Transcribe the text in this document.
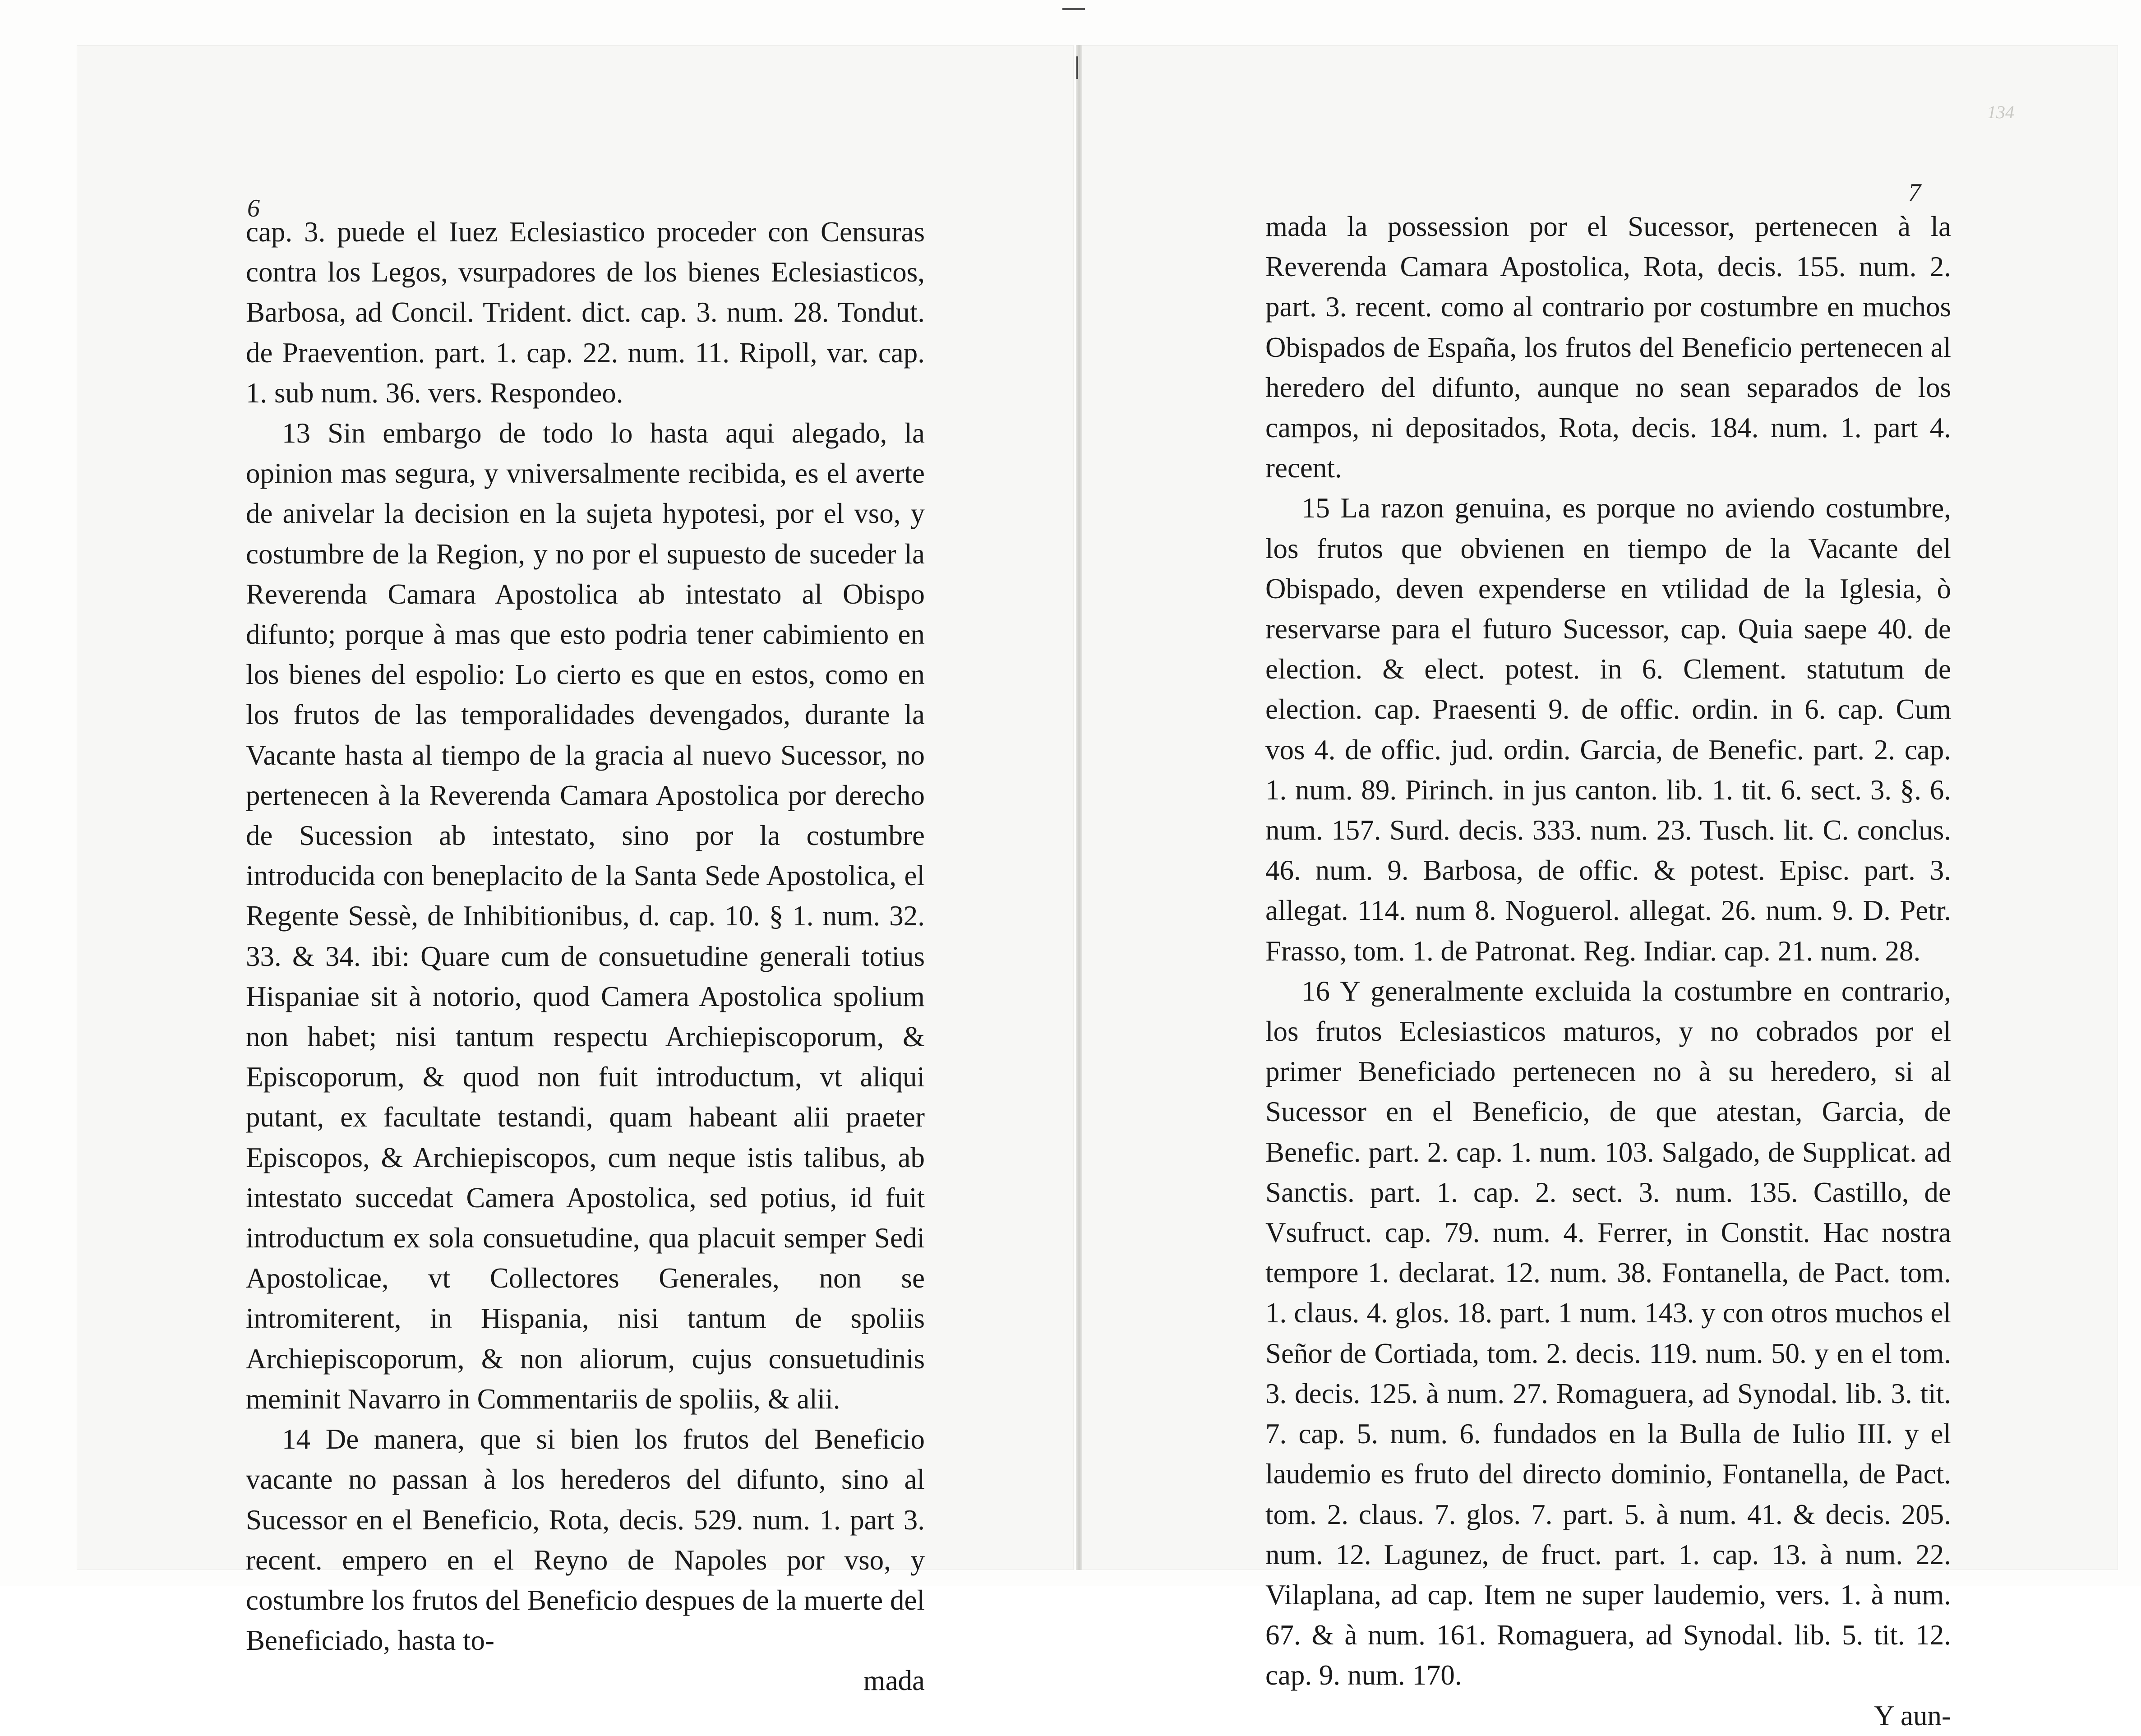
6
7
134

cap. 3. puede el Iuez Eclesiastico proceder con Censuras contra los Legos, vsurpadores de los bienes Eclesiasticos, Barbosa, ad Concil. Trident. dict. cap. 3. num. 28. Tondut. de Praevention. part. 1. cap. 22. num. 11. Ripoll, var. cap. 1. sub num. 36. vers. Respondeo.

13 Sin embargo de todo lo hasta aqui alegado, la opinion mas segura, y vniversalmente recibida, es el averte de anivelar la decision en la sujeta hypotesi, por el vso, y costumbre de la Region, y no por el supuesto de suceder la Reverenda Camara Apostolica ab intestato al Obispo difunto; porque à mas que esto podria tener cabimiento en los bienes del espolio: Lo cierto es que en estos, como en los frutos de las temporalidades devengados, durante la Vacante hasta al tiempo de la gracia al nuevo Sucessor, no pertenecen à la Reverenda Camara Apostolica por derecho de Sucession ab intestato, sino por la costumbre introducida con beneplacito de la Santa Sede Apostolica, el Regente Sessè, de Inhibitionibus, d. cap. 10. § 1. num. 32. 33. & 34. ibi: Quare cum de consuetudine generali totius Hispaniae sit à notorio, quod Camera Apostolica spolium non habet; nisi tantum respectu Archiepiscoporum, & Episcoporum, & quod non fuit introductum, vt aliqui putant, ex facultate testandi, quam habeant alii praeter Episcopos, & Archiepiscopos, cum neque istis talibus, ab intestato succedat Camera Apostolica, sed potius, id fuit introductum ex sola consuetudine, qua placuit semper Sedi Apostolicae, vt Collectores Generales, non se intromiterent, in Hispania, nisi tantum de spoliis Archiepiscoporum, & non aliorum, cujus consuetudinis meminit Navarro in Commentariis de spoliis, & alii.

14 De manera, que si bien los frutos del Beneficio vacante no passan à los herederos del difunto, sino al Sucessor en el Beneficio, Rota, decis. 529. num. 1. part 3. recent. empero en el Reyno de Napoles por vso, y costumbre los frutos del Beneficio despues de la muerte del Beneficiado, hasta to-

mada

mada la possession por el Sucessor, pertenecen à la Reverenda Camara Apostolica, Rota, decis. 155. num. 2. part. 3. recent. como al contrario por costumbre en muchos Obispados de España, los frutos del Beneficio pertenecen al heredero del difunto, aunque no sean separados de los campos, ni depositados, Rota, decis. 184. num. 1. part 4. recent.

15 La razon genuina, es porque no aviendo costumbre, los frutos que obvienen en tiempo de la Vacante del Obispado, deven expenderse en vtilidad de la Iglesia, ò reservarse para el futuro Sucessor, cap. Quia saepe 40. de election. & elect. potest. in 6. Clement. statutum de election. cap. Praesenti 9. de offic. ordin. in 6. cap. Cum vos 4. de offic. jud. ordin. Garcia, de Benefic. part. 2. cap. 1. num. 89. Pirinch. in jus canton. lib. 1. tit. 6. sect. 3. §. 6. num. 157. Surd. decis. 333. num. 23. Tusch. lit. C. conclus. 46. num. 9. Barbosa, de offic. & potest. Episc. part. 3. allegat. 114. num 8. Noguerol. allegat. 26. num. 9. D. Petr. Frasso, tom. 1. de Patronat. Reg. Indiar. cap. 21. num. 28.

16 Y generalmente excluida la costumbre en contrario, los frutos Eclesiasticos maturos, y no cobrados por el primer Beneficiado pertenecen no à su heredero, si al Sucessor en el Beneficio, de que atestan, Garcia, de Benefic. part. 2. cap. 1. num. 103. Salgado, de Supplicat. ad Sanctis. part. 1. cap. 2. sect. 3. num. 135. Castillo, de Vsufruct. cap. 79. num. 4. Ferrer, in Constit. Hac nostra tempore 1. declarat. 12. num. 38. Fontanella, de Pact. tom. 1. claus. 4. glos. 18. part. 1 num. 143. y con otros muchos el Señor de Cortiada, tom. 2. decis. 119. num. 50. y en el tom. 3. decis. 125. à num. 27. Romaguera, ad Synodal. lib. 3. tit. 7. cap. 5. num. 6. fundados en la Bulla de Iulio III. y el laudemio es fruto del directo dominio, Fontanella, de Pact. tom. 2. claus. 7. glos. 7. part. 5. à num. 41. & decis. 205. num. 12. Lagunez, de fruct. part. 1. cap. 13. à num. 22. Vilaplana, ad cap. Item ne super laudemio, vers. 1. à num. 67. & à num. 161. Romaguera, ad Synodal. lib. 5. tit. 12. cap. 9. num. 170.

Y aun-
